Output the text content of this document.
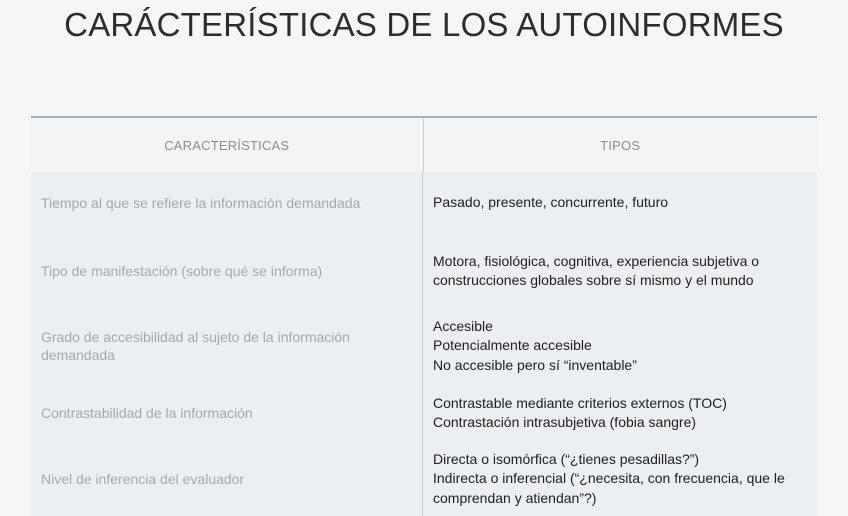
CARÁCTERÍSTICAS DE LOS AUTOINFORMES
CARACTERÍSTICAS	TIPOS
Tiempo al que se refiere la información demandada	Pasado, presente, concurrente, futuro
Tipo de manifestación (sobre qué se informa)
Motora, fisiológica, cognitiva, experiencia subjetiva o construcciones globales sobre sí mismo y el mundo
Grado de accesibilidad al sujeto de la información demandada
Accesible
Potencialmente accesible
No accesible pero sí “inventable”
Contrastabilidad de la información
Contrastable mediante criterios externos (TOC)
Contrastación intrasubjetiva (fobia sangre)
Nivel de inferencia del evaluador
Directa o isomórfica (“¿tienes pesadillas?”)
Indirecta o inferencial (“¿necesita, con frecuencia, que le comprendan y atiendan”?)
